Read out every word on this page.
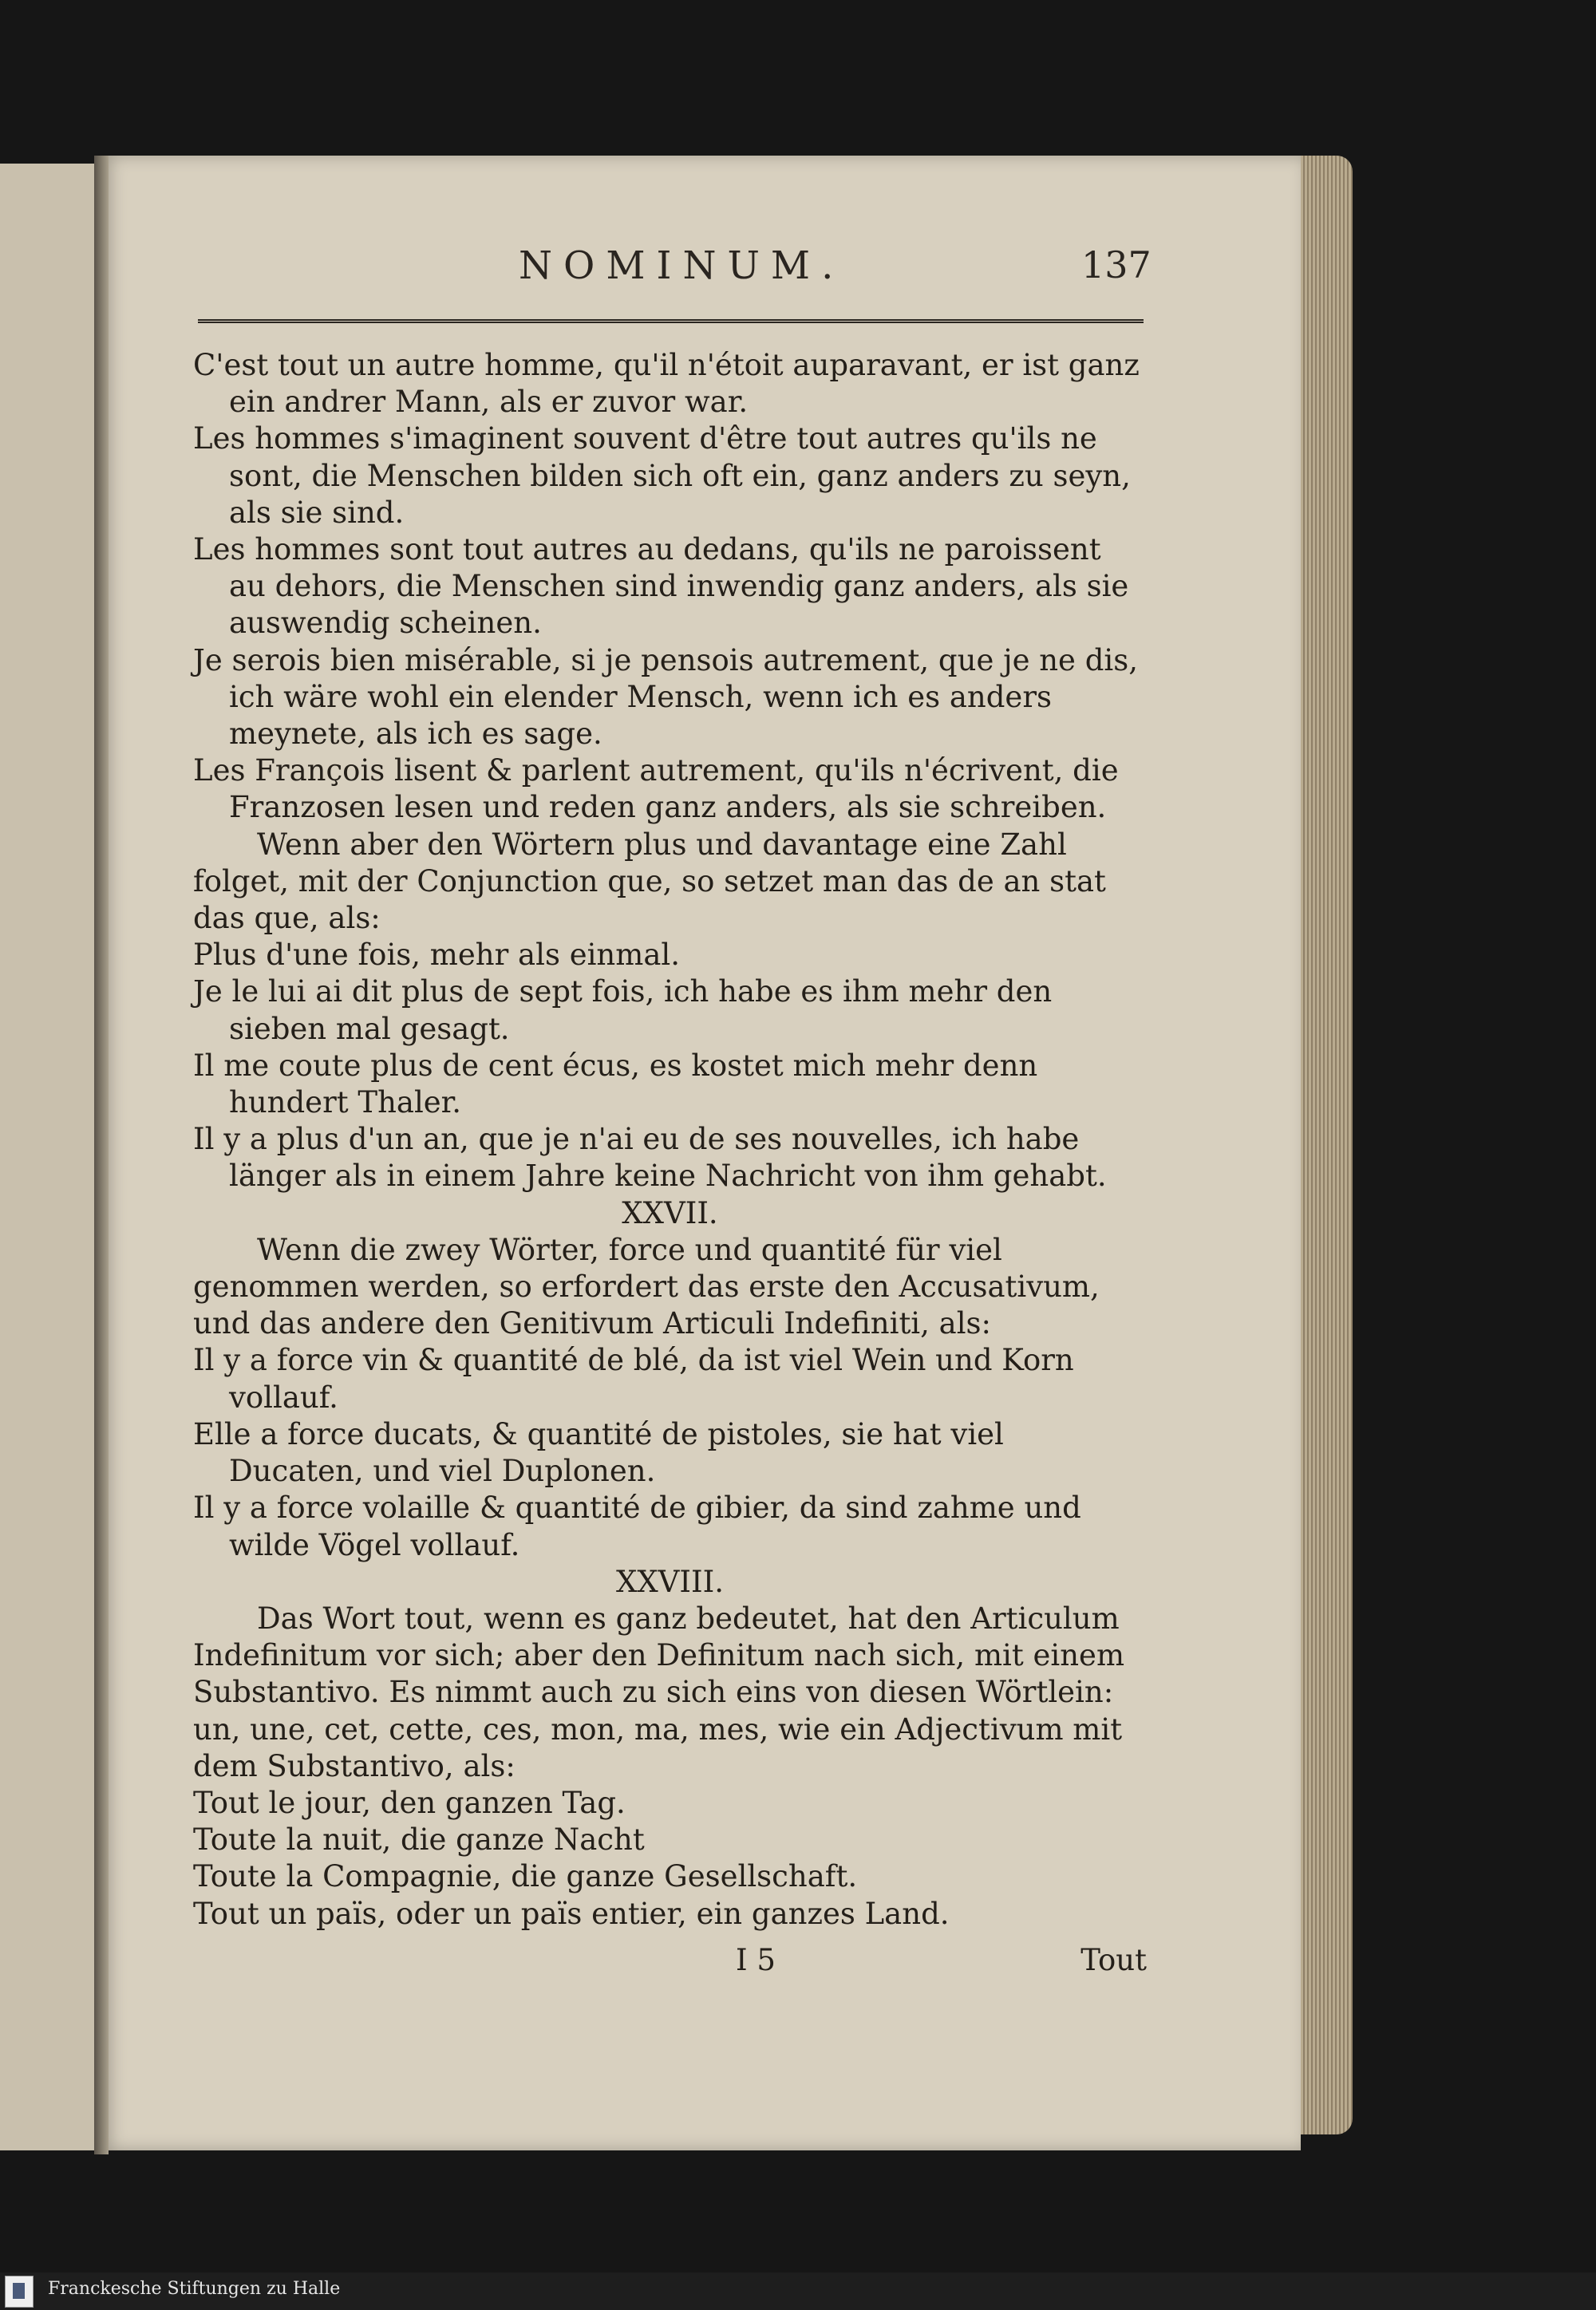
NOMINUM.	137

C'est tout un autre homme, qu'il n'étoit auparavant, er ist ganz ein andrer Mann, als er zuvor war.

Les hommes s'imaginent souvent d'être tout autres qu'ils ne sont, die Menschen bilden sich oft ein, ganz anders zu seyn, als sie sind.

Les hommes sont tout autres au dedans, qu'ils ne paroissent au dehors, die Menschen sind inwendig ganz anders, als sie auswendig scheinen.

Je serois bien misérable, si je pensois autrement, que je ne dis, ich wäre wohl ein elender Mensch, wenn ich es anders meynete, als ich es sage.

Les François lisent & parlent autrement, qu'ils n'écrivent, die Franzosen lesen und reden ganz anders, als sie schreiben.

Wenn aber den Wörtern plus und davantage eine Zahl folget, mit der Conjunction que, so setzet man das de an stat das que, als:

Plus d'une fois, mehr als einmal.

Je le lui ai dit plus de sept fois, ich habe es ihm mehr den sieben mal gesagt.

Il me coute plus de cent écus, es kostet mich mehr denn hundert Thaler.

Il y a plus d'un an, que je n'ai eu de ses nouvelles, ich habe länger als in einem Jahre keine Nachricht von ihm gehabt.

XXVII.

Wenn die zwey Wörter, force und quantité für viel genommen werden, so erfordert das erste den Accusativum, und das andere den Genitivum Articuli Indefiniti, als:

Il y a force vin & quantité de blé, da ist viel Wein und Korn vollauf.

Elle a force ducats, & quantité de pistoles, sie hat viel Ducaten, und viel Duplonen.

Il y a force volaille & quantité de gibier, da sind zahme und wilde Vögel vollauf.

XXVIII.

Das Wort tout, wenn es ganz bedeutet, hat den Articulum Indefinitum vor sich; aber den Definitum nach sich, mit einem Substantivo. Es nimmt auch zu sich eins von diesen Wörtlein: un, une, cet, cette, ces, mon, ma, mes, wie ein Adjectivum mit dem Substantivo, als:

Tout le jour, den ganzen Tag.

Toute la nuit, die ganze Nacht

Toute la Compagnie, die ganze Gesellschaft.

Tout un païs, oder un païs entier, ein ganzes Land.

I 5	Tout
Franckesche Stiftungen zu Halle
